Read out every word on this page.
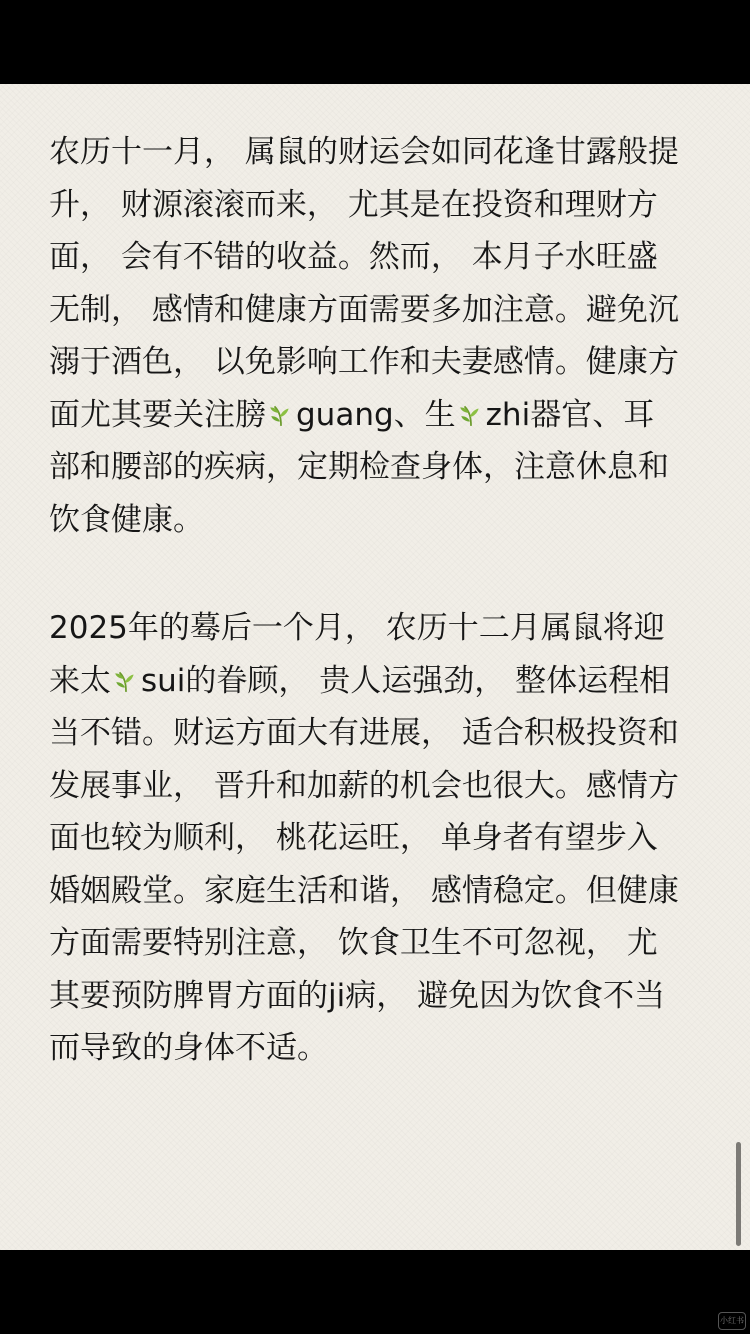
农历十一月， 属鼠的财运会如同花逢甘露般提
升， 财源滚滚而来， 尤其是在投资和理财方
面， 会有不错的收益。然而， 本月子水旺盛
无制， 感情和健康方面需要多加注意。避免沉
溺于酒色， 以免影响工作和夫妻感情。健康方
面尤其要关注膀 guang、生 zhi器官、耳
部和腰部的疾病，定期检查身体，注意休息和
饮食健康。
2025年的蓦后一个月， 农历十二月属鼠将迎
来太 sui的眷顾， 贵人运强劲， 整体运程相
当不错。财运方面大有进展， 适合积极投资和
发展事业， 晋升和加薪的机会也很大。感情方
面也较为顺利， 桃花运旺， 单身者有望步入
婚姻殿堂。家庭生活和谐， 感情稳定。但健康
方面需要特别注意， 饮食卫生不可忽视， 尤
其要预防脾胃方面的ji病， 避免因为饮食不当
而导致的身体不适。
小红书
